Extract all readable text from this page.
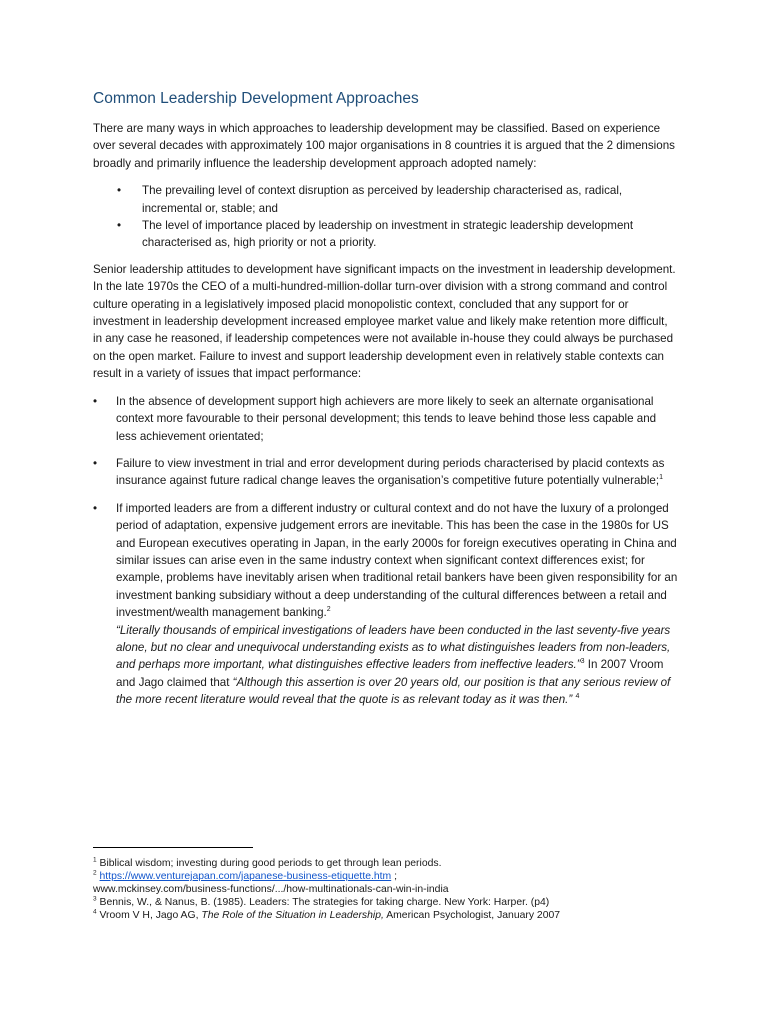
Common Leadership Development Approaches

There are many ways in which approaches to leadership development may be classified. Based on experience over several decades with approximately 100 major organisations in 8 countries it is argued that the 2 dimensions broadly and primarily influence the leadership development approach adopted namely:

• The prevailing level of context disruption as perceived by leadership characterised as, radical, incremental or, stable; and
• The level of importance placed by leadership on investment in strategic leadership development characterised as, high priority or not a priority.

Senior leadership attitudes to development have significant impacts on the investment in leadership development. In the late 1970s the CEO of a multi-hundred-million-dollar turn-over division with a strong command and control culture operating in a legislatively imposed placid monopolistic context, concluded that any support for or investment in leadership development increased employee market value and likely make retention more difficult, in any case he reasoned, if leadership competences were not available in-house they could always be purchased on the open market. Failure to invest and support leadership development even in relatively stable contexts can result in a variety of issues that impact performance:

• In the absence of development support high achievers are more likely to seek an alternate organisational context more favourable to their personal development; this tends to leave behind those less capable and less achievement orientated;
• Failure to view investment in trial and error development during periods characterised by placid contexts as insurance against future radical change leaves the organisation’s competitive future potentially vulnerable;$^1$
• If imported leaders are from a different industry or cultural context and do not have the luxury of a prolonged period of adaptation, expensive judgement errors are inevitable. This has been the case in the 1980s for US and European executives operating in Japan, in the early 2000s for foreign executives operating in China and similar issues can arise even in the same industry context when significant context differences exist; for example, problems have inevitably arisen when traditional retail bankers have been given responsibility for an investment banking subsidiary without a deep understanding of the cultural differences between a retail and investment/wealth management banking.$^2$
“Literally thousands of empirical investigations of leaders have been conducted in the last seventy-five years alone, but no clear and unequivocal understanding exists as to what distinguishes leaders from non-leaders, and perhaps more important, what distinguishes effective leaders from ineffective leaders.”$^3$ In 2007 Vroom and Jago claimed that “Although this assertion is over 20 years old, our position is that any serious review of the more recent literature would reveal that the quote is as relevant today as it was then.” $^4$

$^1$ Biblical wisdom; investing during good periods to get through lean periods.

$^2$ https://www.venturejapan.com/japanese-business-etiquette.htm ;
www.mckinsey.com/business-functions/.../how-multinationals-can-win-in-india

$^3$ Bennis, W., & Nanus, B. (1985). Leaders: The strategies for taking charge. New York: Harper. (p4)

$^4$ Vroom V H, Jago AG, The Role of the Situation in Leadership, American Psychologist, January 2007
